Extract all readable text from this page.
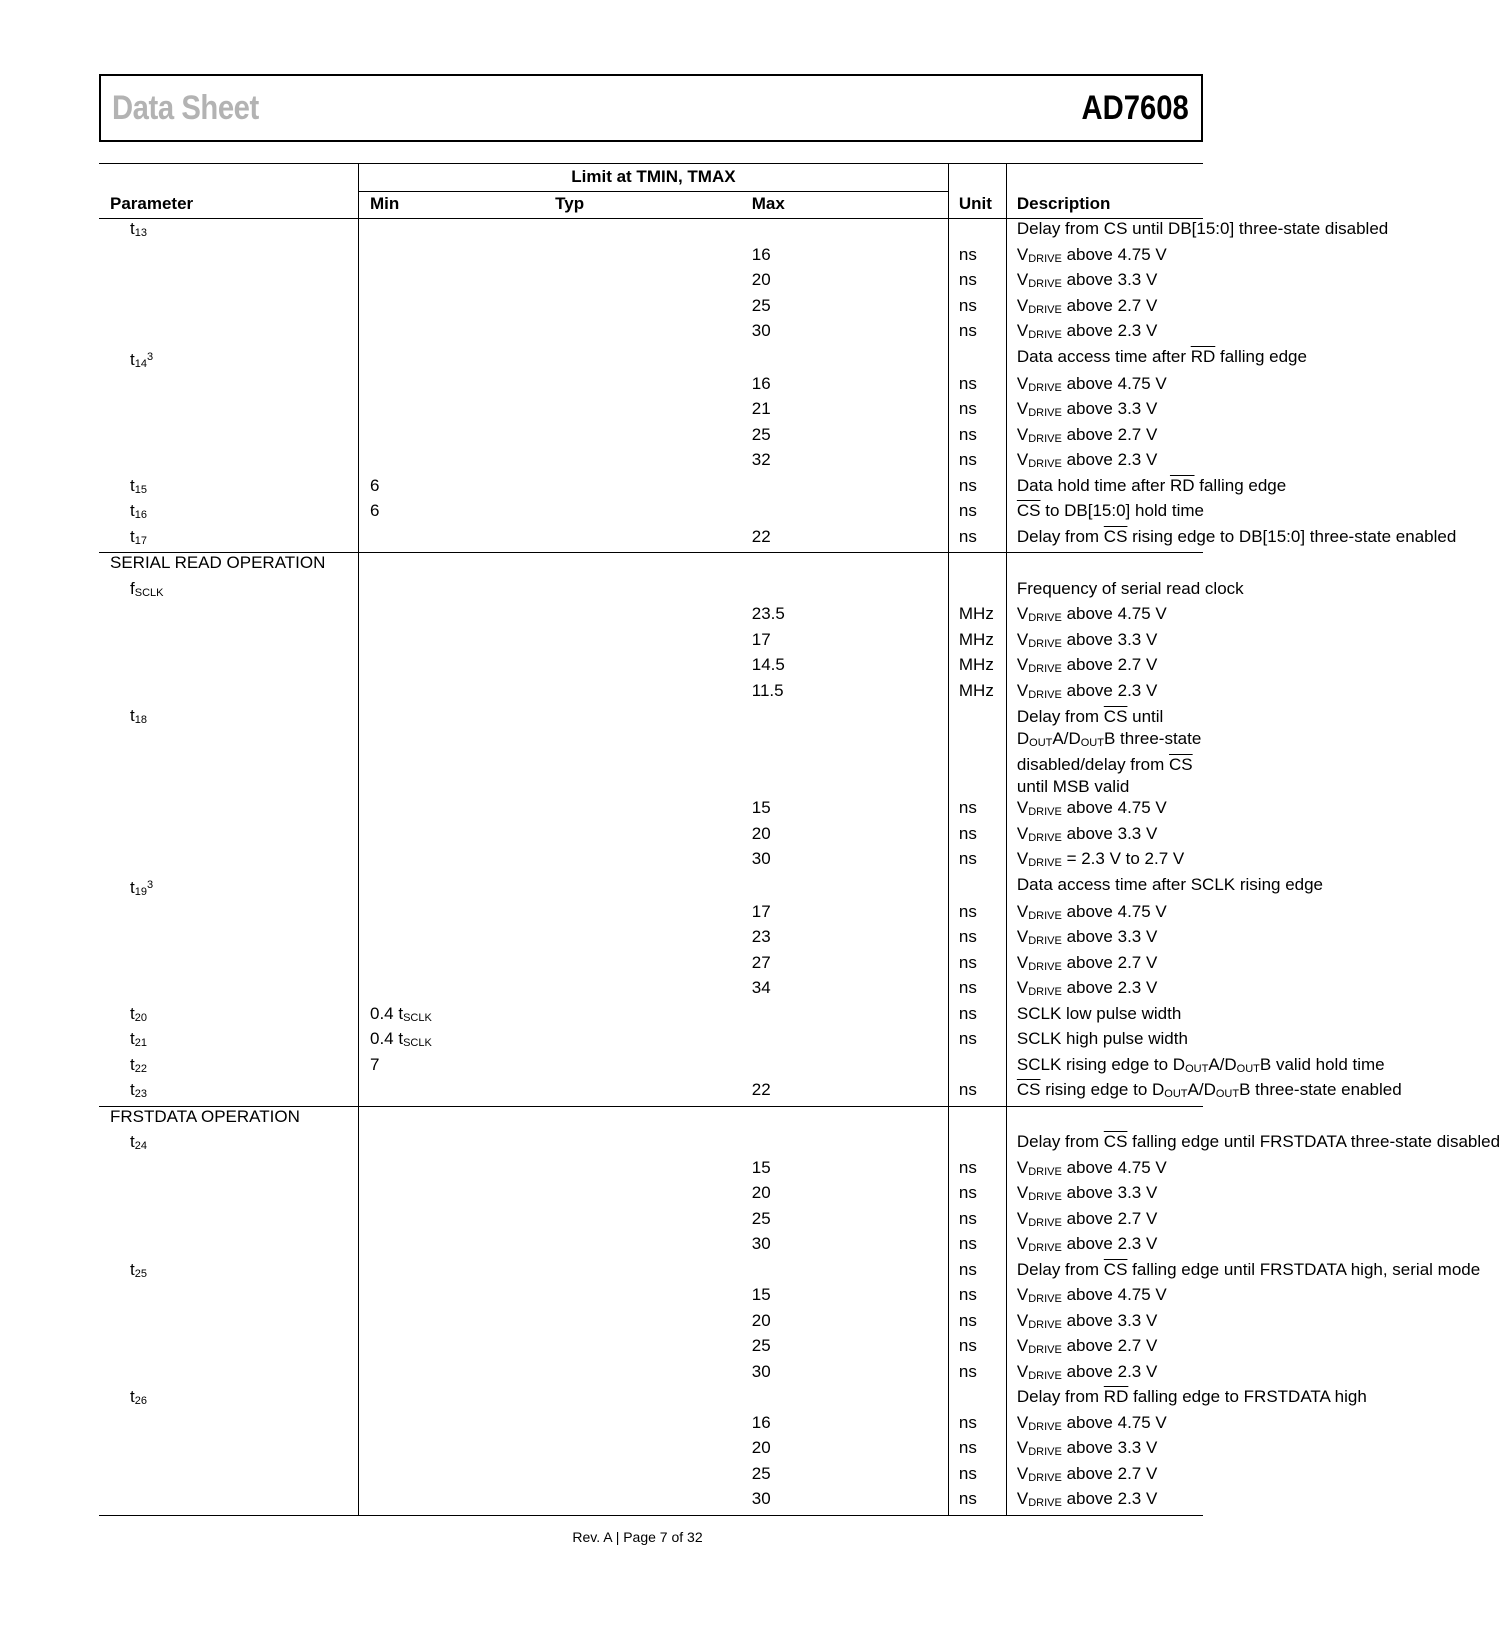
Data Sheet	AD7608
	Limit at TMIN, TMAX				
Parameter	Min	Typ	Max	Unit	Description
$t_{13}$					Delay from $\overline{CS}$ until DB[15:0] three-state disabled
			16	ns	$V_{DRIVE}$ above 4.75 V
			20	ns	$V_{DRIVE}$ above 3.3 V
			25	ns	$V_{DRIVE}$ above 2.7 V
			30	ns	$V_{DRIVE}$ above 2.3 V
$t_{14}^3$					Data access time after $\overline{RD}$ falling edge
			16	ns	$V_{DRIVE}$ above 4.75 V
			21	ns	$V_{DRIVE}$ above 3.3 V
			25	ns	$V_{DRIVE}$ above 2.7 V
			32	ns	$V_{DRIVE}$ above 2.3 V
$t_{15}$	6			ns	Data hold time after $\overline{RD}$ falling edge
$t_{16}$	6			ns	$\overline{CS}$ to DB[15:0] hold time
$t_{17}$			22	ns	Delay from $\overline{CS}$ rising edge to DB[15:0] three-state enabled
SERIAL READ OPERATION					
$f_{SCLK}$					Frequency of serial read clock
			23.5	MHz	$V_{DRIVE}$ above 4.75 V
			17	MHz	$V_{DRIVE}$ above 3.3 V
			14.5	MHz	$V_{DRIVE}$ above 2.7 V
			11.5	MHz	$V_{DRIVE}$ above 2.3 V
$t_{18}$					Delay from $\overline{CS}$ until $D_{OUT}A/D_{OUT}B$ three-state disabled/delay from $\overline{CS}$ until MSB valid
			15	ns	$V_{DRIVE}$ above 4.75 V
			20	ns	$V_{DRIVE}$ above 3.3 V
			30	ns	$V_{DRIVE} = 2.3$ V to 2.7 V
$t_{19}^3$					Data access time after SCLK rising edge
			17	ns	$V_{DRIVE}$ above 4.75 V
			23	ns	$V_{DRIVE}$ above 3.3 V
			27	ns	$V_{DRIVE}$ above 2.7 V
			34	ns	$V_{DRIVE}$ above 2.3 V
$t_{20}$	0.4 $t_{SCLK}$			ns	SCLK low pulse width
$t_{21}$	0.4 $t_{SCLK}$			ns	SCLK high pulse width
$t_{22}$	7				SCLK rising edge to $D_{OUT}A/D_{OUT}B$ valid hold time
$t_{23}$			22	ns	$\overline{CS}$ rising edge to $D_{OUT}A/D_{OUT}B$ three-state enabled
FRSTDATA OPERATION					
$t_{24}$					Delay from $\overline{CS}$ falling edge until FRSTDATA three-state disabled
			15	ns	$V_{DRIVE}$ above 4.75 V
			20	ns	$V_{DRIVE}$ above 3.3 V
			25	ns	$V_{DRIVE}$ above 2.7 V
			30	ns	$V_{DRIVE}$ above 2.3 V
$t_{25}$				ns	Delay from $\overline{CS}$ falling edge until FRSTDATA high, serial mode
			15	ns	$V_{DRIVE}$ above 4.75 V
			20	ns	$V_{DRIVE}$ above 3.3 V
			25	ns	$V_{DRIVE}$ above 2.7 V
			30	ns	$V_{DRIVE}$ above 2.3 V
$t_{26}$					Delay from $\overline{RD}$ falling edge to FRSTDATA high
			16	ns	$V_{DRIVE}$ above 4.75 V
			20	ns	$V_{DRIVE}$ above 3.3 V
			25	ns	$V_{DRIVE}$ above 2.7 V
			30	ns	$V_{DRIVE}$ above 2.3 V
Rev. A | Page 7 of 32
